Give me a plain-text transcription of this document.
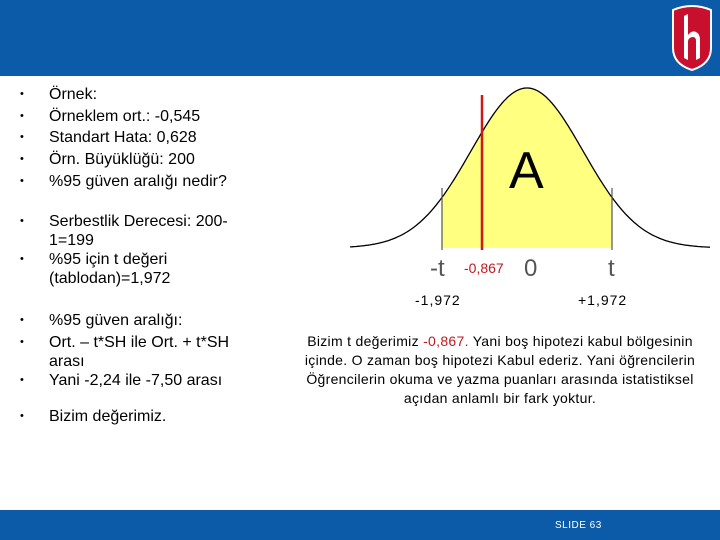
• Örnek:
• Örneklem ort.: -0,545
• Standart Hata: 0,628
• Örn. Büyüklüğü: 200
• %95 güven aralığı nedir?
• Serbestlik Derecesi: 200-1=199
• %95 için t değeri (tablodan)=1,972
• %95 güven aralığı:
• Ort. – t*SH ile Ort. + t*SH arası
• Yani -2,24 ile -7,50 arası
• Bizim değerimiz.
A
-t	0	t
-0,867
-1,972	+1,972
Bizim t değerimiz -0,867. Yani boş hipotezi kabul bölgesinin içinde. O zaman boş hipotezi Kabul ederiz. Yani öğrencilerin Öğrencilerin okuma ve yazma puanları arasında istatistiksel açıdan anlamlı bir fark yoktur.
SLIDE 63
